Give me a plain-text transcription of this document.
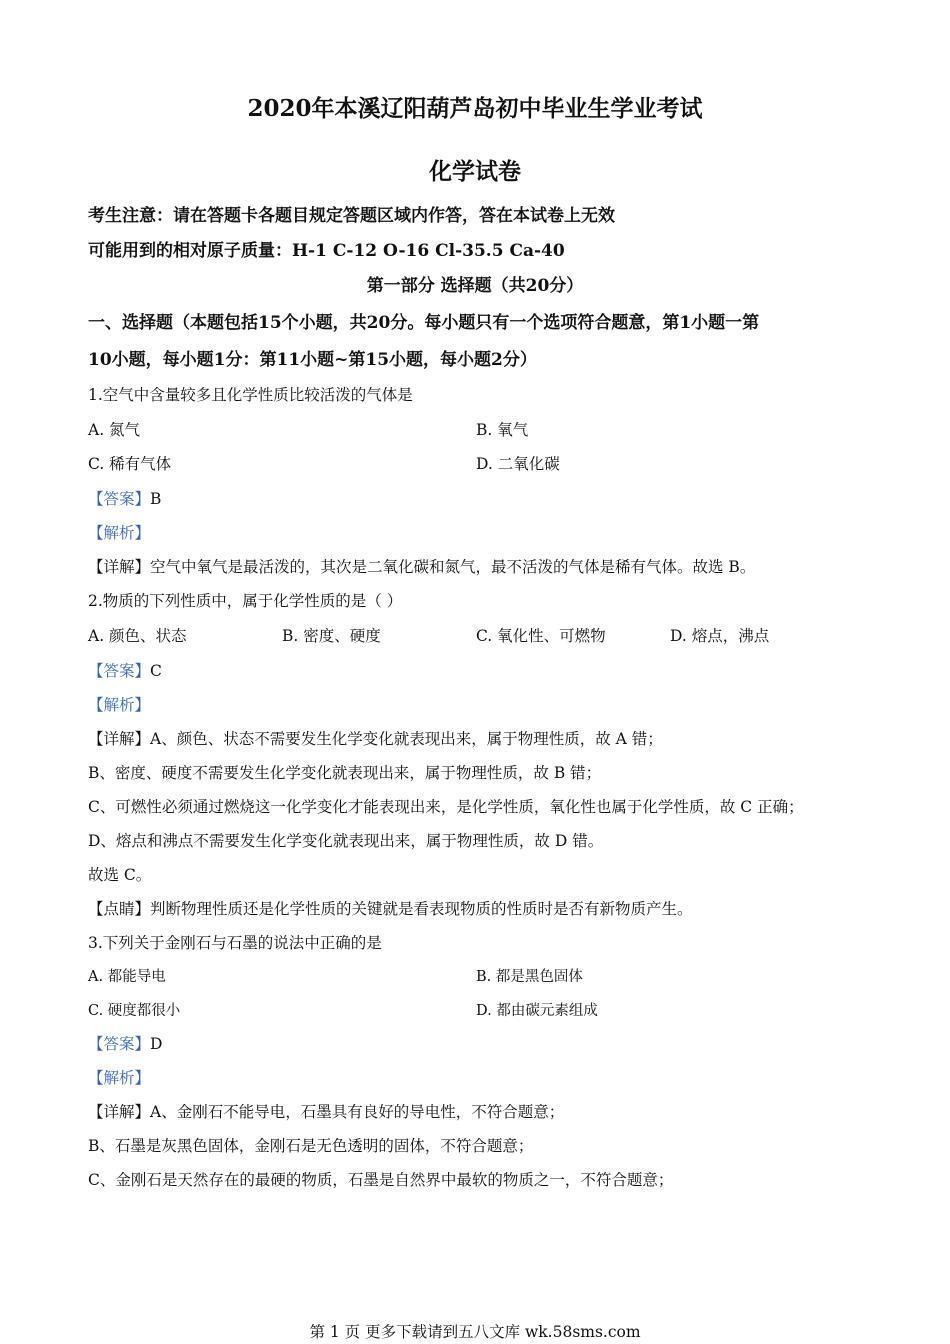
2020年本溪辽阳葫芦岛初中毕业生学业考试
化学试卷
考生注意：请在答题卡各题目规定答题区域内作答，答在本试卷上无效
可能用到的相对原子质量：H-1 C-12 O-16 Cl-35.5 Ca-40
第一部分 选择题（共20分）
一、选择题（本题包括15个小题，共20分。每小题只有一个选项符合题意，第1小题一第
10小题，每小题1分：第11小题~第15小题，每小题2分）
1.空气中含量较多且化学性质比较活泼的气体是
A. 氮气	B. 氧气
C. 稀有气体	D. 二氧化碳
【答案】B
【解析】
【详解】空气中氧气是最活泼的，其次是二氧化碳和氮气，最不活泼的气体是稀有气体。故选 B。
2.物质的下列性质中，属于化学性质的是（ ）
A. 颜色、状态	B. 密度、硬度	C. 氧化性、可燃物	D. 熔点，沸点
【答案】C
【解析】
【详解】A、颜色、状态不需要发生化学变化就表现出来，属于物理性质，故 A 错；
B、密度、硬度不需要发生化学变化就表现出来，属于物理性质，故 B 错；
C、可燃性必须通过燃烧这一化学变化才能表现出来，是化学性质，氧化性也属于化学性质，故 C 正确；
D、熔点和沸点不需要发生化学变化就表现出来，属于物理性质，故 D 错。
故选 C。
【点睛】判断物理性质还是化学性质的关键就是看表现物质的性质时是否有新物质产生。
3.下列关于金刚石与石墨的说法中正确的是
A. 都能导电	B. 都是黑色固体
C. 硬度都很小	D. 都由碳元素组成
【答案】D
【解析】
【详解】A、金刚石不能导电，石墨具有良好的导电性，不符合题意；
B、石墨是灰黑色固体，金刚石是无色透明的固体，不符合题意；
C、金刚石是天然存在的最硬的物质，石墨是自然界中最软的物质之一，不符合题意；
第 1 页 更多下载请到五八文库 wk.58sms.com
